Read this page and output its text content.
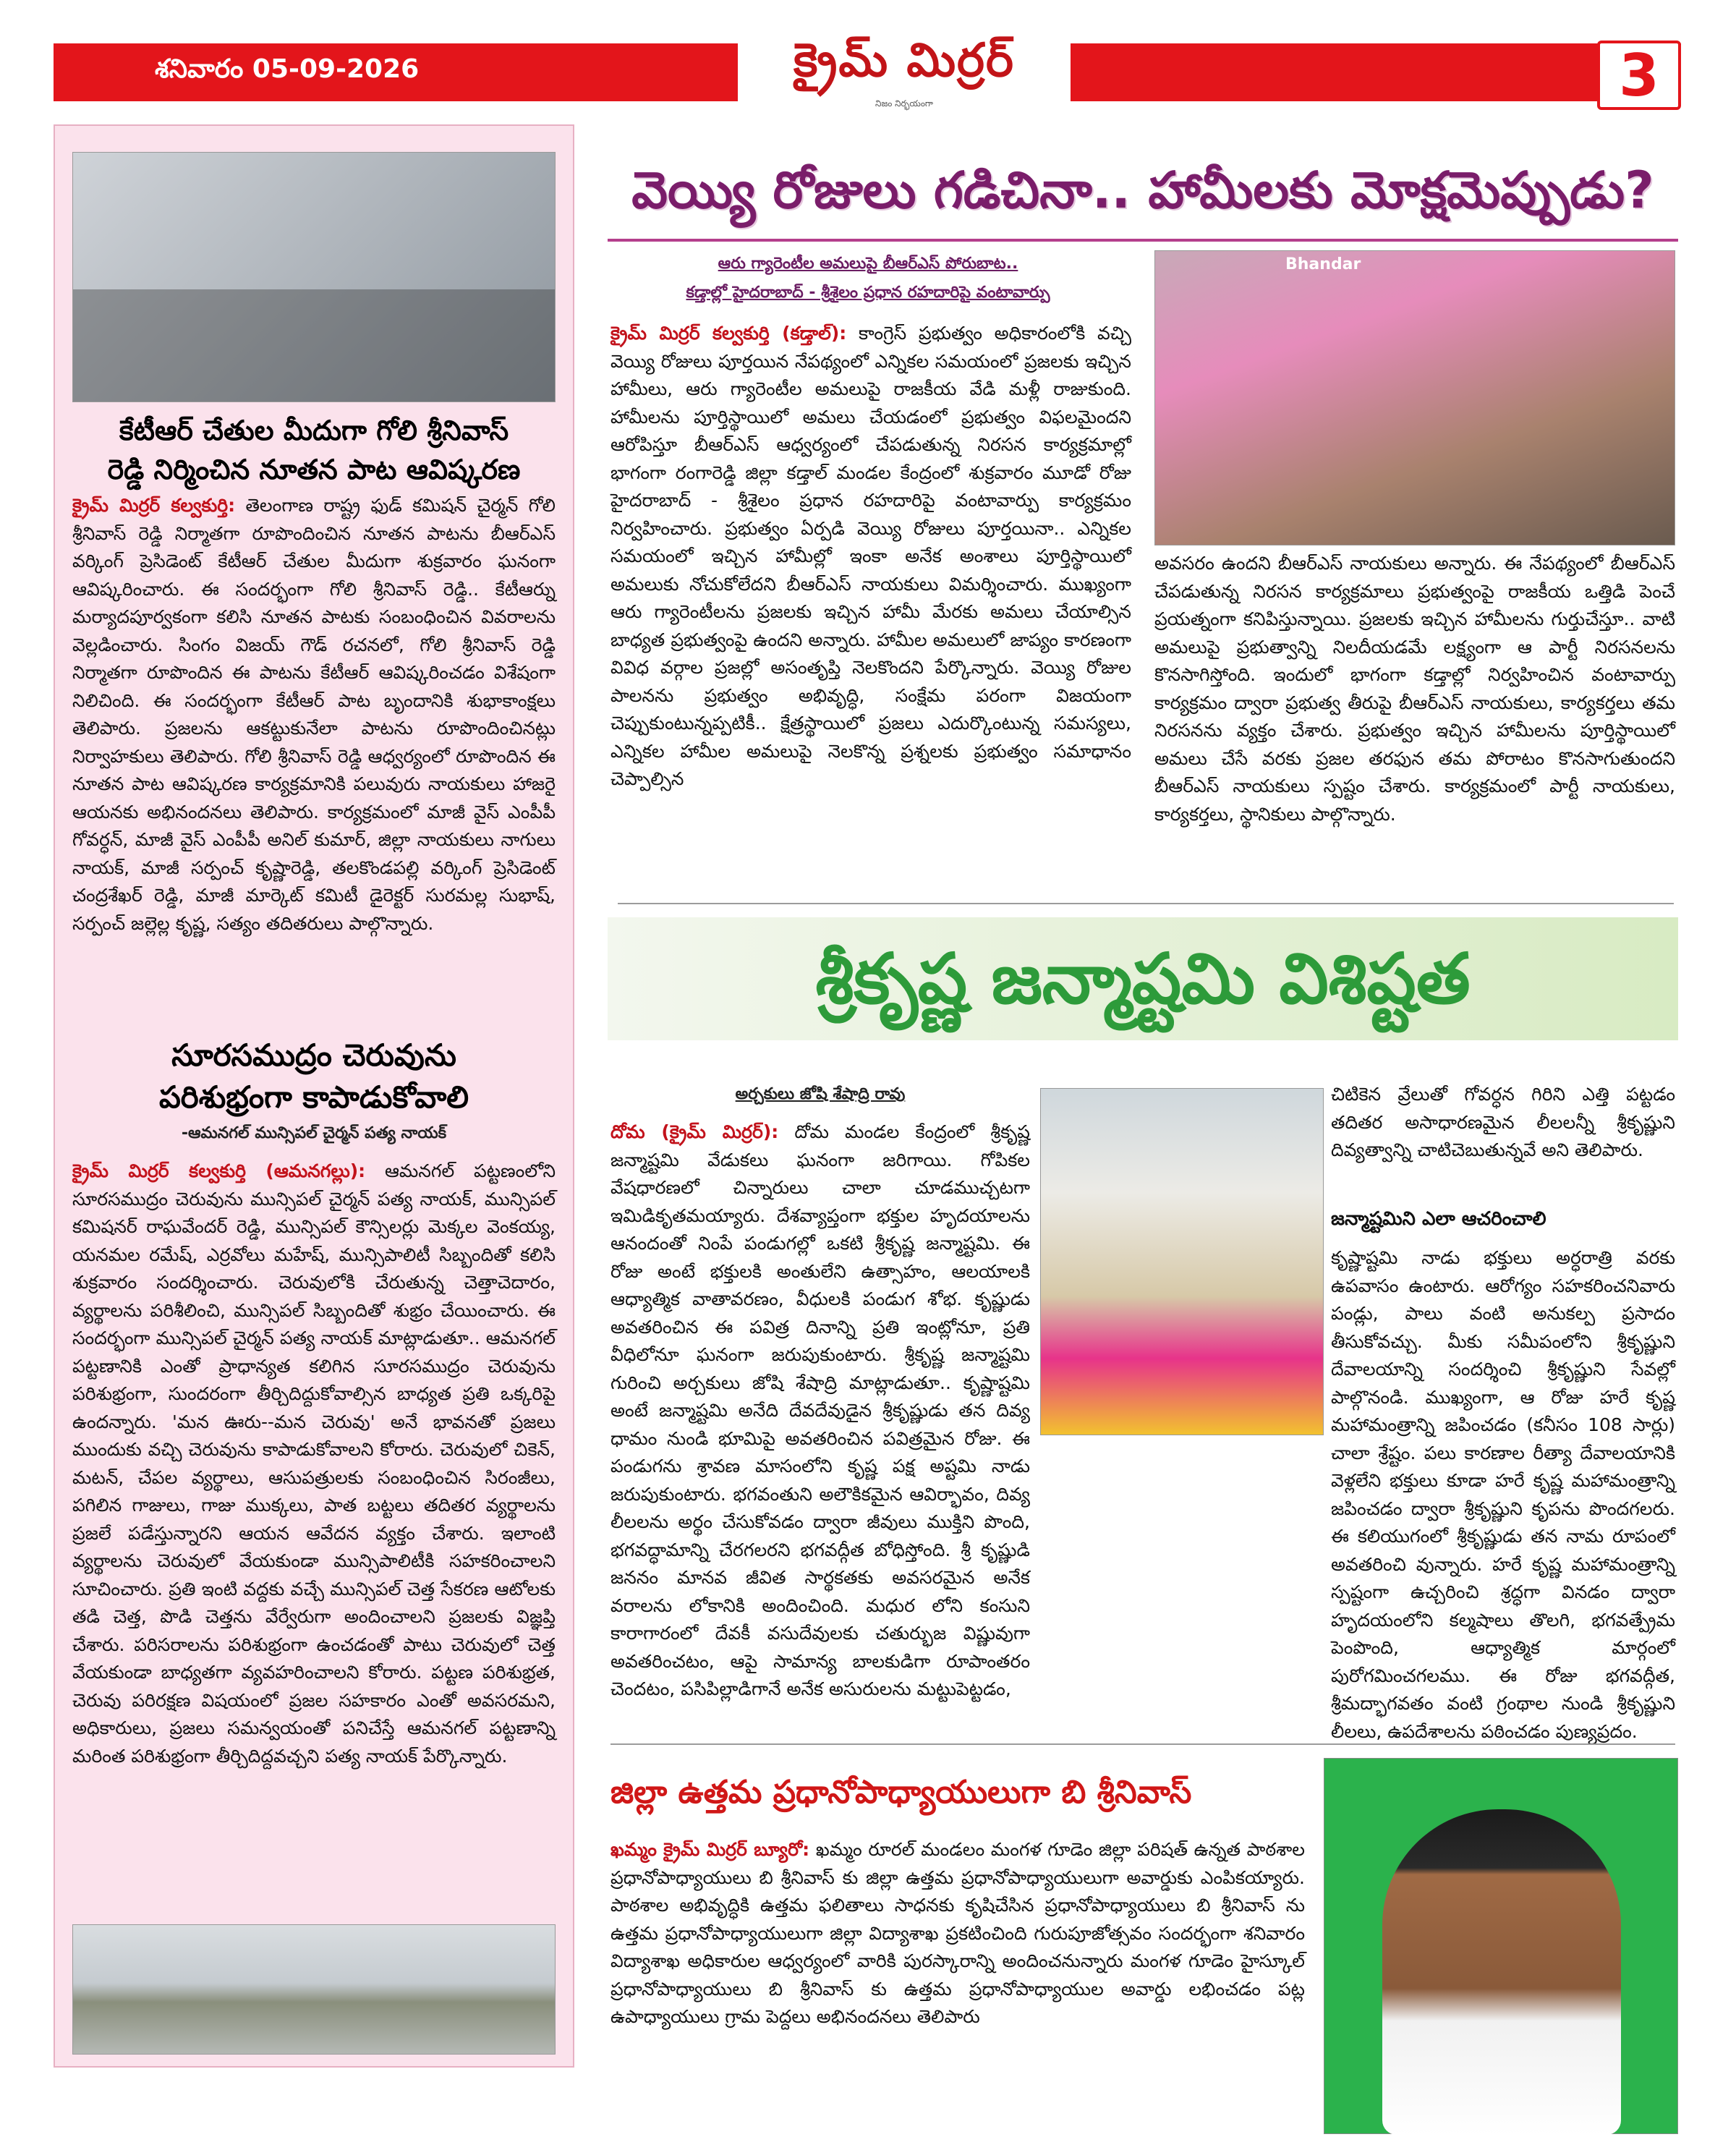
శనివారం 05-09-2026	క్రైమ్ మిర్రర్
నిజం నిర్భయంగా	3
కేటీఆర్ చేతుల మీదుగా గోలి శ్రీనివాస్
రెడ్డి నిర్మించిన నూతన పాట ఆవిష్కరణ
క్రైమ్ మిర్రర్ కల్వకుర్తి: తెలంగాణ రాష్ట్ర ఫుడ్ కమిషన్ చైర్మన్ గోలి శ్రీనివాస్ రెడ్డి నిర్మాతగా రూపొందించిన నూతన పాటను బీఆర్ఎస్ వర్కింగ్ ప్రెసిడెంట్ కేటీఆర్ చేతుల మీదుగా శుక్రవారం ఘనంగా ఆవిష్కరించారు. ఈ సందర్భంగా గోలి శ్రీనివాస్ రెడ్డి.. కేటీఆర్ను మర్యాదపూర్వకంగా కలిసి నూతన పాటకు సంబంధించిన వివరాలను వెల్లడించారు. సింగం విజయ్ గౌడ్ రచనలో, గోలి శ్రీనివాస్ రెడ్డి నిర్మాతగా రూపొందిన ఈ పాటను కేటీఆర్ ఆవిష్కరించడం విశేషంగా నిలిచింది. ఈ సందర్భంగా కేటీఆర్ పాట బృందానికి శుభాకాంక్షలు తెలిపారు. ప్రజలను ఆకట్టుకునేలా పాటను రూపొందించినట్లు నిర్వాహకులు తెలిపారు. గోలి శ్రీనివాస్ రెడ్డి ఆధ్వర్యంలో రూపొందిన ఈ నూతన పాట ఆవిష్కరణ కార్యక్రమానికి పలువురు నాయకులు హాజరై ఆయనకు అభినందనలు తెలిపారు. కార్యక్రమంలో మాజీ వైస్ ఎంపీపీ గోవర్ధన్, మాజీ వైస్ ఎంపీపీ అనిల్ కుమార్, జిల్లా నాయకులు నాగులు నాయక్, మాజీ సర్పంచ్ కృష్ణారెడ్డి, తలకొండపల్లి వర్కింగ్ ప్రెసిడెంట్ చంద్రశేఖర్ రెడ్డి, మాజీ మార్కెట్ కమిటీ డైరెక్టర్ సురమల్ల సుభాష్, సర్పంచ్ జల్లెల్ల కృష్ణ, సత్యం తదితరులు పాల్గొన్నారు.
సూరసముద్రం చెరువును
పరిశుభ్రంగా కాపాడుకోవాలి
-ఆమనగల్ మున్సిపల్ చైర్మన్ పత్య నాయక్
క్రైమ్ మిర్రర్ కల్వకుర్తి (ఆమనగల్లు): ఆమనగల్ పట్టణంలోని సూరసముద్రం చెరువును మున్సిపల్ చైర్మన్ పత్య నాయక్, మున్సిపల్ కమిషనర్ రాఘవేందర్ రెడ్డి, మున్సిపల్ కౌన్సిలర్లు మెక్కల వెంకయ్య, యనమల రమేష్, ఎర్రవోలు మహేష్, మున్సిపాలిటీ సిబ్బందితో కలిసి శుక్రవారం సందర్శించారు. చెరువులోకి చేరుతున్న చెత్తాచెదారం, వ్యర్థాలను పరిశీలించి, మున్సిపల్ సిబ్బందితో శుభ్రం చేయించారు. ఈ సందర్భంగా మున్సిపల్ చైర్మన్ పత్య నాయక్ మాట్లాడుతూ.. ఆమనగల్ పట్టణానికి ఎంతో ప్రాధాన్యత కలిగిన సూరసముద్రం చెరువును పరిశుభ్రంగా, సుందరంగా తీర్చిదిద్దుకోవాల్సిన బాధ్యత ప్రతి ఒక్కరిపై ఉందన్నారు. 'మన ఊరు--మన చెరువు' అనే భావనతో ప్రజలు ముందుకు వచ్చి చెరువును కాపాడుకోవాలని కోరారు. చెరువులో చికెన్, మటన్, చేపల వ్యర్థాలు, ఆసుపత్రులకు సంబంధించిన సిరంజీలు, పగిలిన గాజులు, గాజు ముక్కలు, పాత బట్టలు తదితర వ్యర్థాలను ప్రజలే పడేస్తున్నారని ఆయన ఆవేదన వ్యక్తం చేశారు. ఇలాంటి వ్యర్థాలను చెరువులో వేయకుండా మున్సిపాలిటీకి సహకరించాలని సూచించారు. ప్రతి ఇంటి వద్దకు వచ్చే మున్సిపల్ చెత్త సేకరణ ఆటోలకు తడి చెత్త, పొడి చెత్తను వేర్వేరుగా అందించాలని ప్రజలకు విజ్ఞప్తి చేశారు. పరిసరాలను పరిశుభ్రంగా ఉంచడంతో పాటు చెరువులో చెత్త వేయకుండా బాధ్యతగా వ్యవహరించాలని కోరారు. పట్టణ పరిశుభ్రత, చెరువు పరిరక్షణ విషయంలో ప్రజల సహకారం ఎంతో అవసరమని, అధికారులు, ప్రజలు సమన్వయంతో పనిచేస్తే ఆమనగల్ పట్టణాన్ని మరింత పరిశుభ్రంగా తీర్చిదిద్దవచ్చని పత్య నాయక్ పేర్కొన్నారు.
వెయ్యి రోజులు గడిచినా.. హామీలకు మోక్షమెప్పుడు?
ఆరు గ్యారెంటీల అమలుపై బీఆర్ఎస్ పోరుబాట..
కడ్తాల్లో హైదరాబాద్ - శ్రీశైలం ప్రధాన రహదారిపై వంటావార్పు
క్రైమ్ మిర్రర్ కల్వకుర్తి (కడ్తాల్): కాంగ్రెస్ ప్రభుత్వం అధికారంలోకి వచ్చి వెయ్యి రోజులు పూర్తయిన నేపథ్యంలో ఎన్నికల సమయంలో ప్రజలకు ఇచ్చిన హామీలు, ఆరు గ్యారెంటీల అమలుపై రాజకీయ వేడి మళ్లీ రాజుకుంది. హామీలను పూర్తిస్థాయిలో అమలు చేయడంలో ప్రభుత్వం విఫలమైందని ఆరోపిస్తూ బీఆర్ఎస్ ఆధ్వర్యంలో చేపడుతున్న నిరసన కార్యక్రమాల్లో భాగంగా రంగారెడ్డి జిల్లా కడ్తాల్ మండల కేంద్రంలో శుక్రవారం మూడో రోజు హైదరాబాద్ - శ్రీశైలం ప్రధాన రహదారిపై వంటావార్పు కార్యక్రమం నిర్వహించారు. ప్రభుత్వం ఏర్పడి వెయ్యి రోజులు పూర్తయినా.. ఎన్నికల సమయంలో ఇచ్చిన హామీల్లో ఇంకా అనేక అంశాలు పూర్తిస్థాయిలో అమలుకు నోచుకోలేదని బీఆర్ఎస్ నాయకులు విమర్శించారు. ముఖ్యంగా ఆరు గ్యారెంటీలను ప్రజలకు ఇచ్చిన హామీ మేరకు అమలు చేయాల్సిన బాధ్యత ప్రభుత్వంపై ఉందని అన్నారు. హామీల అమలులో జాప్యం కారణంగా వివిధ వర్గాల ప్రజల్లో అసంతృప్తి నెలకొందని పేర్కొన్నారు. వెయ్యి రోజుల పాలనను ప్రభుత్వం అభివృద్ధి, సంక్షేమ పరంగా విజయంగా చెప్పుకుంటున్నప్పటికీ.. క్షేత్రస్థాయిలో ప్రజలు ఎదుర్కొంటున్న సమస్యలు, ఎన్నికల హామీల అమలుపై నెలకొన్న ప్రశ్నలకు ప్రభుత్వం సమాధానం చెప్పాల్సిన
Bhandar
అవసరం ఉందని బీఆర్ఎస్ నాయకులు అన్నారు. ఈ నేపథ్యంలో బీఆర్ఎస్ చేపడుతున్న నిరసన కార్యక్రమాలు ప్రభుత్వంపై రాజకీయ ఒత్తిడి పెంచే ప్రయత్నంగా కనిపిస్తున్నాయి. ప్రజలకు ఇచ్చిన హామీలను గుర్తుచేస్తూ.. వాటి అమలుపై ప్రభుత్వాన్ని నిలదీయడమే లక్ష్యంగా ఆ పార్టీ నిరసనలను కొనసాగిస్తోంది. ఇందులో భాగంగా కడ్తాల్లో నిర్వహించిన వంటావార్పు కార్యక్రమం ద్వారా ప్రభుత్వ తీరుపై బీఆర్ఎస్ నాయకులు, కార్యకర్తలు తమ నిరసనను వ్యక్తం చేశారు. ప్రభుత్వం ఇచ్చిన హామీలను పూర్తిస్థాయిలో అమలు చేసే వరకు ప్రజల తరఫున తమ పోరాటం కొనసాగుతుందని బీఆర్ఎస్ నాయకులు స్పష్టం చేశారు. కార్యక్రమంలో పార్టీ నాయకులు, కార్యకర్తలు, స్థానికులు పాల్గొన్నారు.
శ్రీకృష్ణ జన్మాష్టమి విశిష్టత
అర్చకులు జోషి శేషాద్రి రావు
దోమ (క్రైమ్ మిర్రర్): దోమ మండల కేంద్రంలో శ్రీకృష్ణ జన్మాష్టమి వేడుకలు ఘనంగా జరిగాయి. గోపికల వేషధారణలో చిన్నారులు చాలా చూడముచ్చటగా ఇమిడికృతమయ్యారు. దేశవ్యాప్తంగా భక్తుల హృదయాలను ఆనందంతో నింపే పండుగల్లో ఒకటి శ్రీకృష్ణ జన్మాష్టమి. ఈ రోజు అంటే భక్తులకి అంతులేని ఉత్సాహం, ఆలయాలకి ఆధ్యాత్మిక వాతావరణం, వీధులకి పండుగ శోభ. కృష్ణుడు అవతరించిన ఈ పవిత్ర దినాన్ని ప్రతి ఇంట్లోనూ, ప్రతి వీధిలోనూ ఘనంగా జరుపుకుంటారు. శ్రీకృష్ణ జన్మాష్టమి గురించి అర్చకులు జోషి శేషాద్రి మాట్లాడుతూ.. కృష్ణాష్టమి అంటే జన్మాష్టమి అనేది దేవదేవుడైన శ్రీకృష్ణుడు తన దివ్య ధామం నుండి భూమిపై అవతరించిన పవిత్రమైన రోజు. ఈ పండుగను శ్రావణ మాసంలోని కృష్ణ పక్ష అష్టమి నాడు జరుపుకుంటారు. భగవంతుని అలౌకికమైన ఆవిర్భావం, దివ్య లీలలను అర్థం చేసుకోవడం ద్వారా జీవులు ముక్తిని పొంది, భగవద్ధామాన్ని చేరగలరని భగవద్గీత బోధిస్తోంది. శ్రీ కృష్ణుడి జననం మానవ జీవిత సార్థకతకు అవసరమైన అనేక వరాలను లోకానికి అందించింది. మధుర లోని కంసుని కారాగారంలో దేవకీ వసుదేవులకు చతుర్భుజ విష్ణువుగా అవతరించటం, ఆపై సామాన్య బాలకుడిగా రూపాంతరం చెందటం, పసిపిల్లాడిగానే అనేక అసురులను మట్టుపెట్టడం,
చిటికెన వ్రేలుతో గోవర్ధన గిరిని ఎత్తి పట్టడం తదితర అసాధారణమైన లీలలన్నీ శ్రీకృష్ణుని దివ్యత్వాన్ని చాటిచెబుతున్నవే అని తెలిపారు.
జన్మాష్టమిని ఎలా ఆచరించాలి
కృష్ణాష్టమి నాడు భక్తులు అర్ధరాత్రి వరకు ఉపవాసం ఉంటారు. ఆరోగ్యం సహకరించనివారు పండ్లు, పాలు వంటి అనుకల్ప ప్రసాదం తీసుకోవచ్చు. మీకు సమీపంలోని శ్రీకృష్ణుని దేవాలయాన్ని సందర్శించి శ్రీకృష్ణుని సేవల్లో పాల్గొనండి. ముఖ్యంగా, ఆ రోజు హరే కృష్ణ మహామంత్రాన్ని జపించడం (కనీసం 108 సార్లు) చాలా శ్రేష్టం. పలు కారణాల రీత్యా దేవాలయానికి వెళ్లలేని భక్తులు కూడా హరే కృష్ణ మహామంత్రాన్ని జపించడం ద్వారా శ్రీకృష్ణుని కృపను పొందగలరు. ఈ కలియుగంలో శ్రీకృష్ణుడు తన నామ రూపంలో అవతరించి వున్నారు. హరే కృష్ణ మహామంత్రాన్ని స్పష్టంగా ఉచ్చరించి శ్రద్ధగా వినడం ద్వారా హృదయంలోని కల్మషాలు తొలగి, భగవత్ప్రేమ పెంపొంది, ఆధ్యాత్మిక మార్గంలో పురోగమించగలము. ఈ రోజు భగవద్గీత, శ్రీమద్భాగవతం వంటి గ్రంథాల నుండి శ్రీకృష్ణుని లీలలు, ఉపదేశాలను పఠించడం పుణ్యప్రదం.
జిల్లా ఉత్తమ ప్రధానోపాధ్యాయులుగా బి శ్రీనివాస్
ఖమ్మం క్రైమ్ మిర్రర్ బ్యూరో: ఖమ్మం రూరల్ మండలం మంగళ గూడెం జిల్లా పరిషత్ ఉన్నత పాఠశాల ప్రధానోపాధ్యాయులు బి శ్రీనివాస్ కు జిల్లా ఉత్తమ ప్రధానోపాధ్యాయులుగా అవార్డుకు ఎంపికయ్యారు. పాఠశాల అభివృద్ధికి ఉత్తమ ఫలితాలు సాధనకు కృషిచేసిన ప్రధానోపాధ్యాయులు బి శ్రీనివాస్ ను ఉత్తమ ప్రధానోపాధ్యాయులుగా జిల్లా విద్యాశాఖ ప్రకటించింది గురుపూజోత్సవం సందర్భంగా శనివారం విద్యాశాఖ అధికారుల ఆధ్వర్యంలో వారికి పురస్కారాన్ని అందించనున్నారు మంగళ గూడెం హైస్కూల్ ప్రధానోపాధ్యాయులు బి శ్రీనివాస్ కు ఉత్తమ ప్రధానోపాధ్యాయుల అవార్డు లభించడం పట్ల ఉపాధ్యాయులు గ్రామ పెద్దలు అభినందనలు తెలిపారు
